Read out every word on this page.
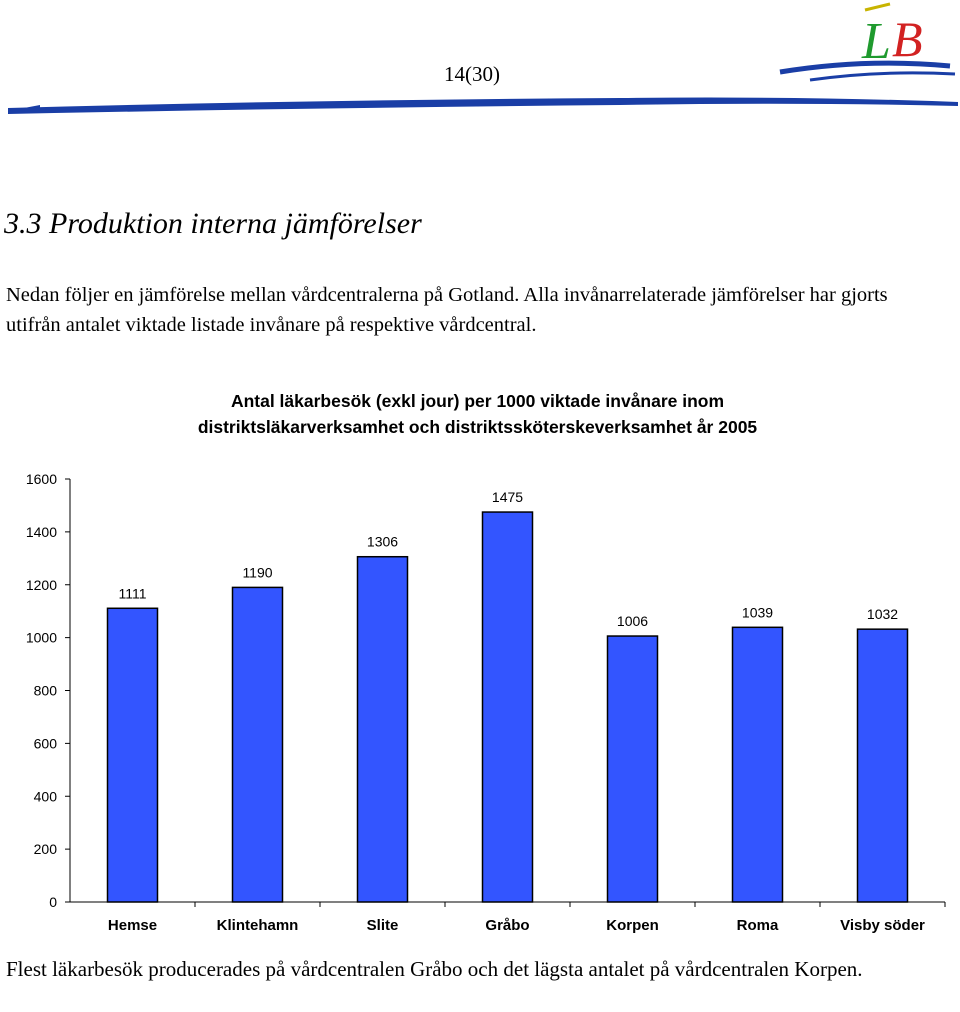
14(30)
L B
3.3 Produktion interna jämförelser

Nedan följer en jämförelse mellan vårdcentralerna på Gotland. Alla invånarrelaterade jämförelser har gjorts utifrån antalet viktade listade invånare på respektive vårdcentral.

Antal läkarbesök (exkl jour) per 1000 viktade invånare inom
distriktsläkarverksamhet och distriktssköterskeverksamhet år 2005
0
200
400
600
800
1000
1200
1400
1600
1111
Hemse
1190
Klintehamn
1306
Slite
1475
Gråbo
1006
Korpen
1039
Roma
1032
Visby söder

Flest läkarbesök producerades på vårdcentralen Gråbo och det lägsta antalet på vårdcentralen Korpen.
